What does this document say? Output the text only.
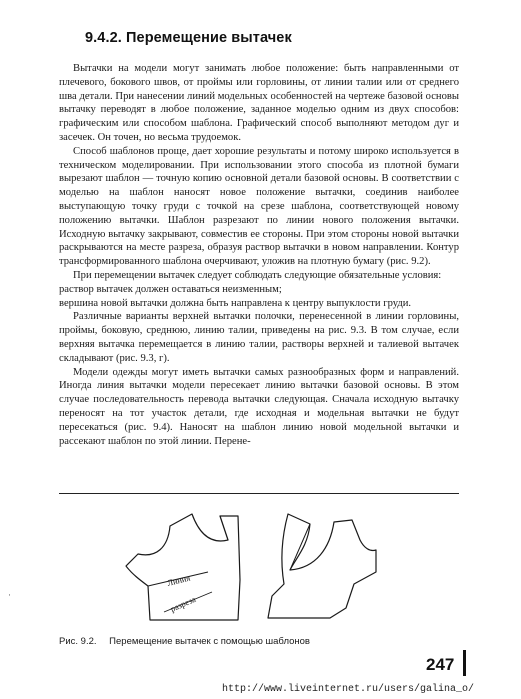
9.4.2. Перемещение вытачек

Вытачки на модели могут занимать любое положение: быть направленными от плечевого, бокового швов, от проймы или горловины, от линии талии или от среднего шва детали. При нанесении линий модельных особенностей на чертеже базовой основы вытачку переводят в любое положение, заданное моделью одним из двух способов: графическим или способом шаблона. Графический способ выполняют методом дуг и засечек. Он точен, но весьма трудоемок.

Способ шаблонов проще, дает хорошие результаты и потому широко используется в техническом моделировании. При использовании этого способа из плотной бумаги вырезают шаблон — точную копию основной детали базовой основы. В соответствии с моделью на шаблон наносят новое положение вытачки, соединив наиболее выступающую точку груди с точкой на срезе шаблона, соответствующей новому положению вытачки. Шаблон разрезают по линии нового положения вытачки. Исходную вытачку закрывают, совместив ее стороны. При этом стороны новой вытачки раскрываются на месте разреза, образуя раствор вытачки в новом направлении. Контур трансформированного шаблона очерчивают, уложив на плотную бумагу (рис. 9.2).

При перемещении вытачек следует соблюдать следующие обязательные условия:

раствор вытачек должен оставаться неизменным;

вершина новой вытачки должна быть направлена к центру выпуклости груди.

Различные варианты верхней вытачки полочки, перенесенной в линии горловины, проймы, боковую, среднюю, линию талии, приведены на рис. 9.3. В том случае, если верхняя вытачка перемещается в линию талии, растворы верхней и талиевой вытачек складывают (рис. 9.3, г).

Модели одежды могут иметь вытачки самых разнообразных форм и направлений. Иногда линия вытачки модели пересекает линию вытачки базовой основы. В этом случае последовательность перевода вытачки следующая. Сначала исходную вытачку переносят на тот участок детали, где исходная и модельная вытачки не будут пересекаться (рис. 9.4). Наносят на шаблон линию новой модельной вытачки и рассекают шаблон по этой линии. Перене-

Линия
разреза
Рис. 9.2. Перемещение вытачек с помощью шаблонов
247
·
http://www.liveinternet.ru/users/galina_o/
